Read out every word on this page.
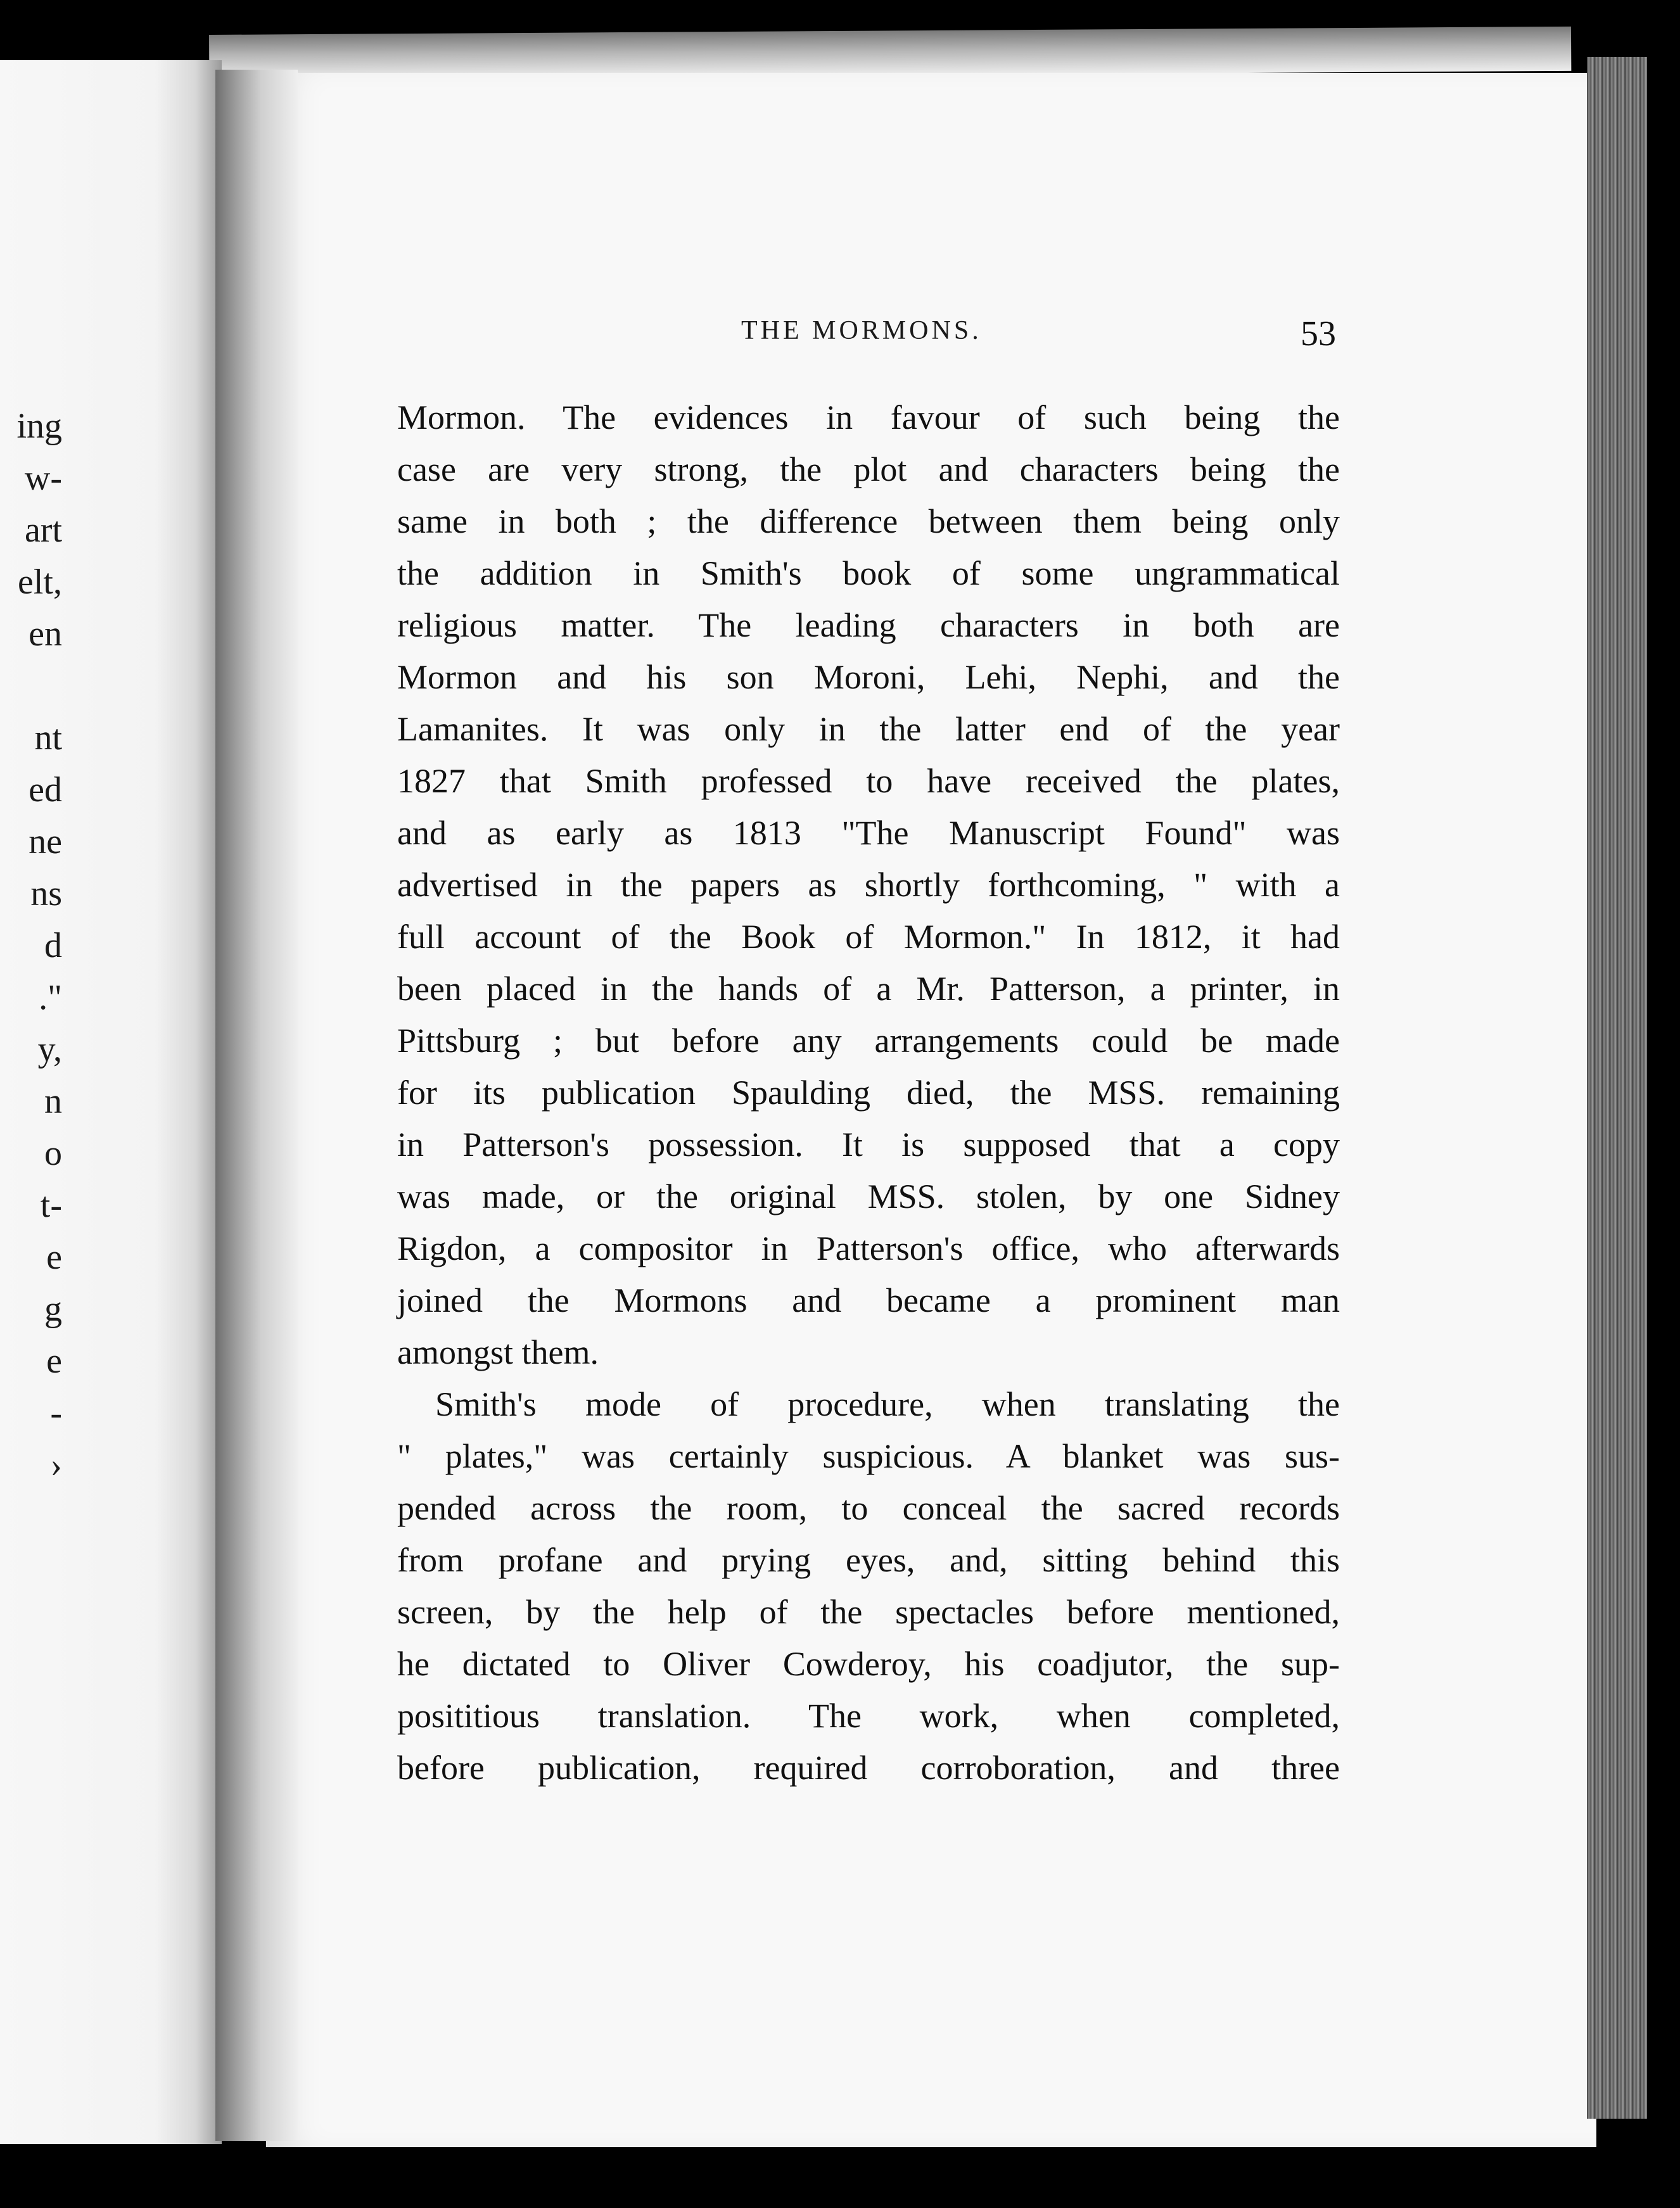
ing
w-
art
elt,
en
nt
ed
ne
ns
d
."
y,
n
o
t-
e
g
e
-
›
THE MORMONS.	53
Mormon. The evidences in favour of such being the
case are very strong, the plot and characters being the
same in both ; the difference between them being only
the addition in Smith's book of some ungrammatical
religious matter. The leading characters in both are
Mormon and his son Moroni, Lehi, Nephi, and the
Lamanites. It was only in the latter end of the year
1827 that Smith professed to have received the plates,
and as early as 1813 "The Manuscript Found" was
advertised in the papers as shortly forthcoming, " with a
full account of the Book of Mormon." In 1812, it had
been placed in the hands of a Mr. Patterson, a printer, in
Pittsburg ; but before any arrangements could be made
for its publication Spaulding died, the MSS. remaining
in Patterson's possession. It is supposed that a copy
was made, or the original MSS. stolen, by one Sidney
Rigdon, a compositor in Patterson's office, who afterwards
joined the Mormons and became a prominent man
amongst them.
Smith's mode of procedure, when translating the
" plates," was certainly suspicious. A blanket was sus-
pended across the room, to conceal the sacred records
from profane and prying eyes, and, sitting behind this
screen, by the help of the spectacles before mentioned,
he dictated to Oliver Cowderoy, his coadjutor, the sup-
posititious translation. The work, when completed,
before publication, required corroboration, and three
